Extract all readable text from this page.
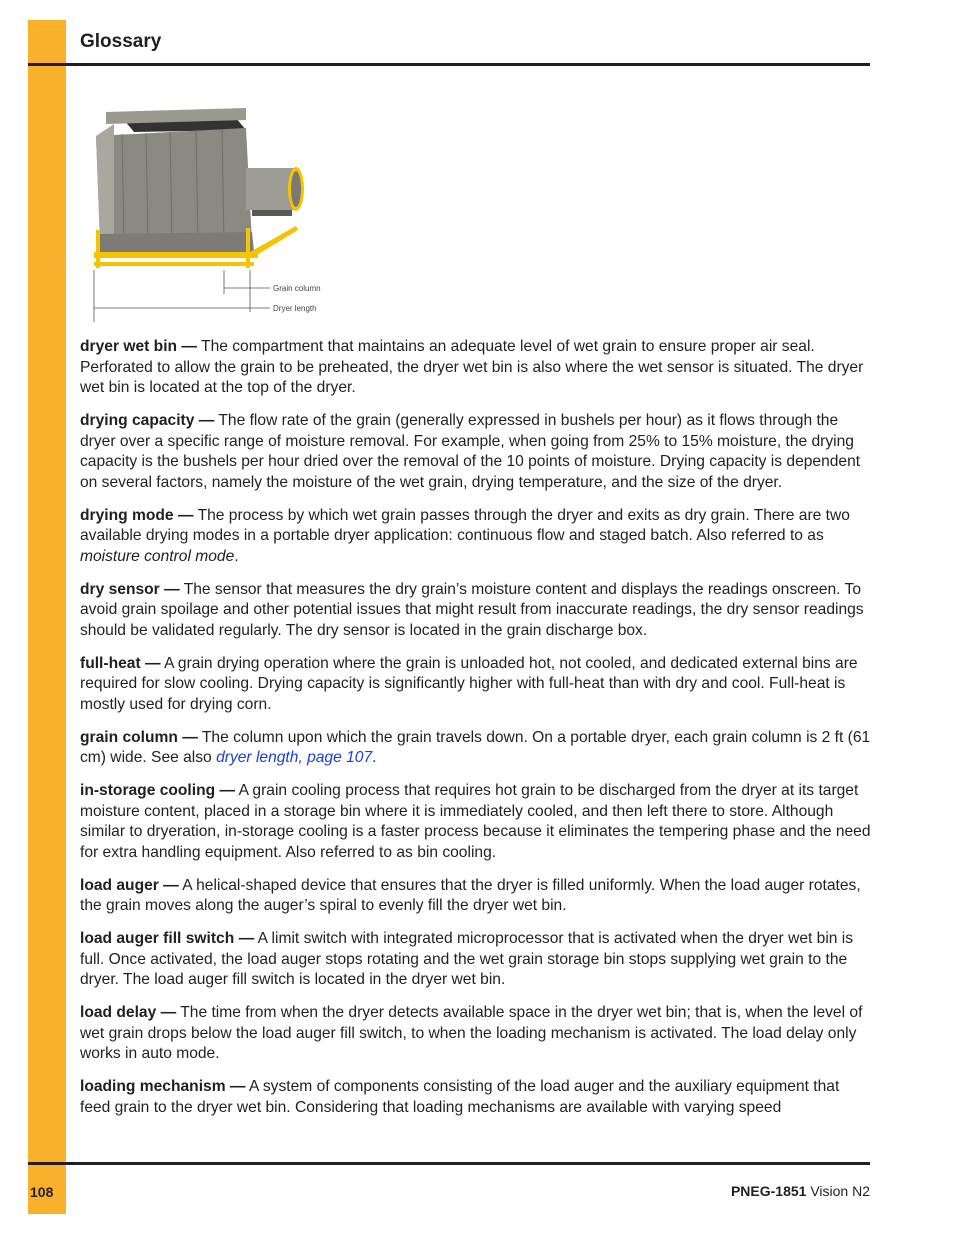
Glossary
Grain column
Dryer length

dryer wet bin — The compartment that maintains an adequate level of wet grain to ensure proper air seal. Perforated to allow the grain to be preheated, the dryer wet bin is also where the wet sensor is situated. The dryer wet bin is located at the top of the dryer.

drying capacity — The flow rate of the grain (generally expressed in bushels per hour) as it flows through the dryer over a specific range of moisture removal. For example, when going from 25% to 15% moisture, the drying capacity is the bushels per hour dried over the removal of the 10 points of moisture. Drying capacity is dependent on several factors, namely the moisture of the wet grain, drying temperature, and the size of the dryer.

drying mode — The process by which wet grain passes through the dryer and exits as dry grain. There are two available drying modes in a portable dryer application: continuous flow and staged batch. Also referred to as moisture control mode.

dry sensor — The sensor that measures the dry grain’s moisture content and displays the readings onscreen. To avoid grain spoilage and other potential issues that might result from inaccurate readings, the dry sensor readings should be validated regularly. The dry sensor is located in the grain discharge box.

full-heat — A grain drying operation where the grain is unloaded hot, not cooled, and dedicated external bins are required for slow cooling. Drying capacity is significantly higher with full-heat than with dry and cool. Full-heat is mostly used for drying corn.

grain column — The column upon which the grain travels down. On a portable dryer, each grain column is 2 ft (61 cm) wide. See also dryer length, page 107.

in-storage cooling — A grain cooling process that requires hot grain to be discharged from the dryer at its target moisture content, placed in a storage bin where it is immediately cooled, and then left there to store. Although similar to dryeration, in-storage cooling is a faster process because it eliminates the tempering phase and the need for extra handling equipment. Also referred to as bin cooling.

load auger — A helical-shaped device that ensures that the dryer is filled uniformly. When the load auger rotates, the grain moves along the auger’s spiral to evenly fill the dryer wet bin.

load auger fill switch — A limit switch with integrated microprocessor that is activated when the dryer wet bin is full. Once activated, the load auger stops rotating and the wet grain storage bin stops supplying wet grain to the dryer. The load auger fill switch is located in the dryer wet bin.

load delay — The time from when the dryer detects available space in the dryer wet bin; that is, when the level of wet grain drops below the load auger fill switch, to when the loading mechanism is activated. The load delay only works in auto mode.

loading mechanism — A system of components consisting of the load auger and the auxiliary equipment that feed grain to the dryer wet bin. Considering that loading mechanisms are available with varying speed

108	PNEG-1851 Vision N2
